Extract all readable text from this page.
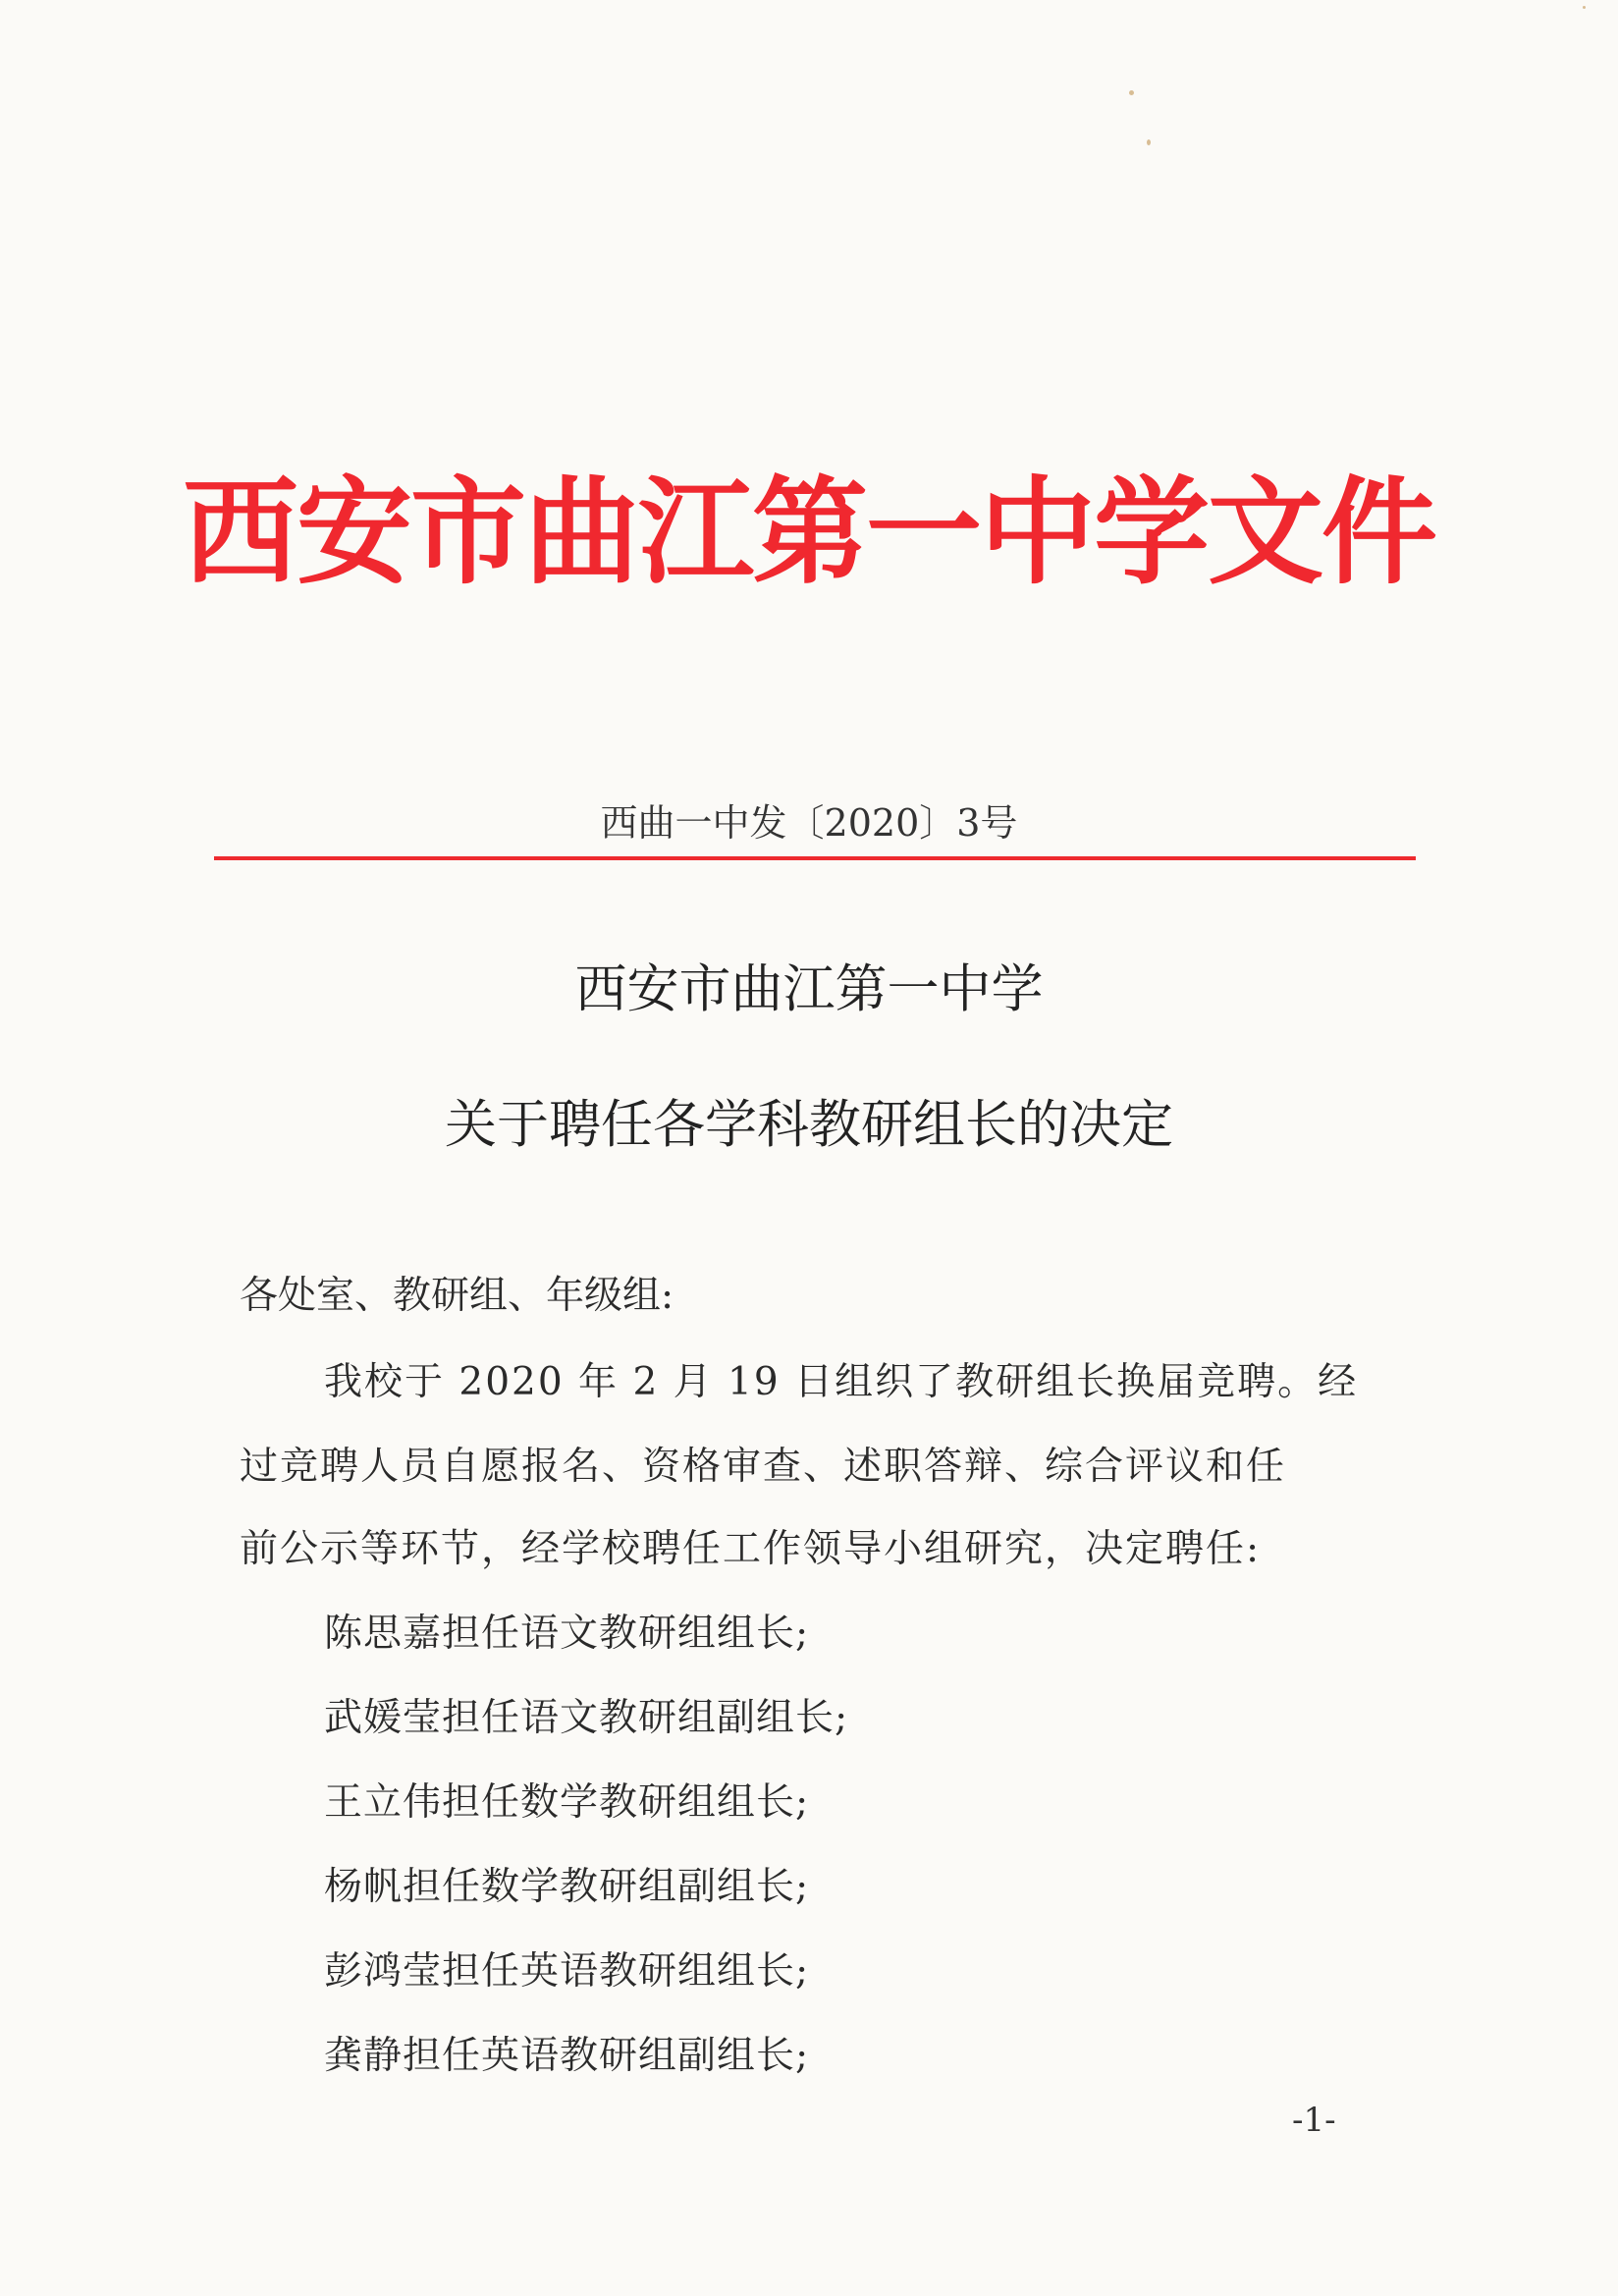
西安市曲江第一中学文件
西曲一中发〔2020〕3号
西安市曲江第一中学
关于聘任各学科教研组长的决定
各处室、教研组、年级组:
我校于 2020 年 2 月 19 日组织了教研组长换届竞聘。经
过竞聘人员自愿报名、资格审查、述职答辩、综合评议和任
前公示等环节，经学校聘任工作领导小组研究，决定聘任:
陈思嘉担任语文教研组组长;
武媛莹担任语文教研组副组长;
王立伟担任数学教研组组长;
杨帆担任数学教研组副组长;
彭鸿莹担任英语教研组组长;
龚静担任英语教研组副组长;
-1-
